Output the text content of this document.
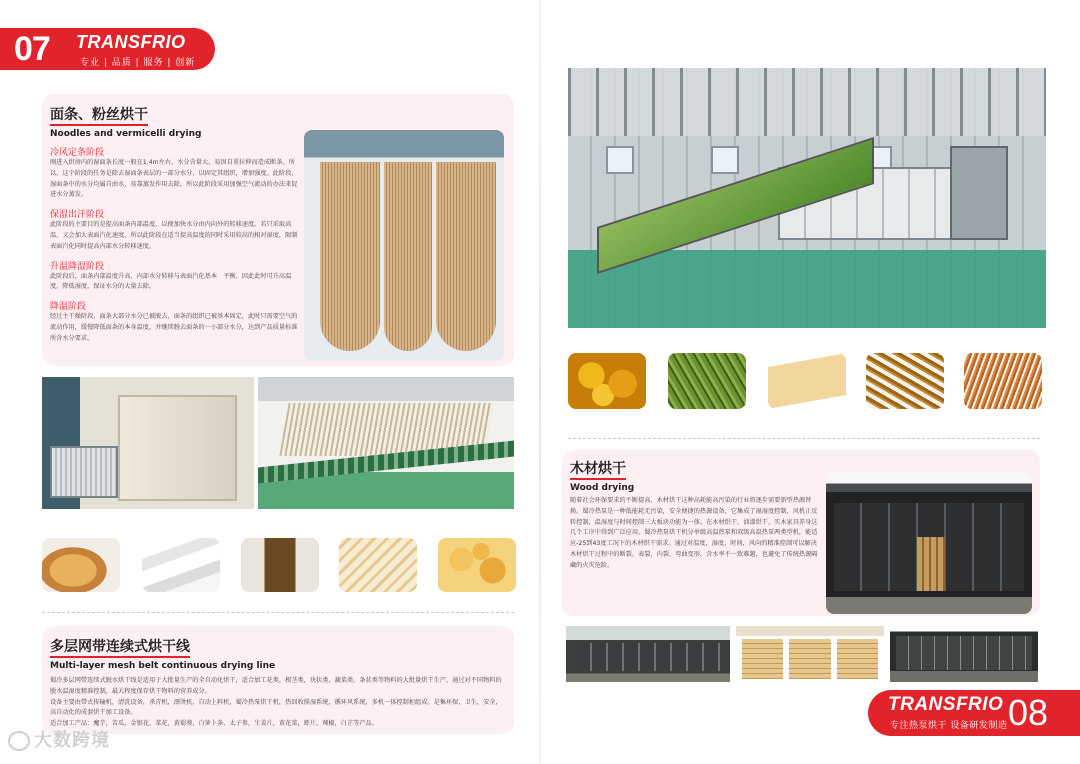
07 TRANSFRIO
专业 | 品质 | 服务 | 创新
面条、粉丝烘干
Noodles and vermicelli drying
冷风定条阶段
刚进入烘房内的湿面条长度一般在1.4m左右，水分含量大，易因自重拉伸而造成断条。所以，这个阶段的任务是除去湿面条表层的一部分水分，以固定其组织，增加强度。此阶段，湿面条中的水分均属自由水，易靠蒸发作用去除，所以此阶段采用加强空气流动的办法来促进水分蒸发。
保湿出汗阶段
此阶段的主要目的是提高面条内部温度，以便加快水分由内向外的转移速度。若只采取高温，又会加大表面汽化速度，所以此阶段在适当提高温度的同时采用较高的相对湿度，限制表面汽化同时提高内部水分转移速度。
升温降湿阶段
此阶段后，面条内部温度升高，内部水分转移与表面汽化基本　平衡，因此此时可升高温度，降低湿度，保证水分的大量去除。
降温阶段
经过主干燥阶段，面条大部分水分已被脱去，面条的组织已被基本固定，此时只需要空气的流动作用，缓慢降低面条的本身温度，并继续脱去面条的一小部分水分，达到产品质量标准所含水分要求。
多层网带连续式烘干线
Multi-layer mesh belt continuous drying line
蜀冷多层网带连续式脱水烘干线是适用于大批量生产的全自动化烘干，适合加工花类，根茎类，块状类，蔬菜类，条状类等物料的大批量烘干生产，通过对不同物料的脱水温湿度精准控制，最大程度保存烘干物料的营养成分。
设备主要由带式传输机，清洗设备，杀青机，漂烫机，自动上料机，蜀冷热泵烘干机，热回收排湿系统，循环风系统，多机一体控制柜组成。是集环保，卫生，安全，高自动化的成套烘干加工设备。
适合加工产品：魔芋，苦瓜，金银花，菜花，黄蜀葵，白萝卜条，太子参，生姜片，黄花菜，虾片，辣椒，白芷等产品。
木材烘干
Wood drying
随着社会环保要求的不断提高，木材烘干这种高耗能高污染的行业将逐步需要新型热源替换。蜀冷热泵是一种低能耗无污染，安全便捷的热源设备，它集成了湿湿度控制，风机正反转控制，温湿度与时间控制三大板块功能为一体。在木材烘干，油漆烘干，实木家具养身这几个工序中得到广泛应用，蜀冷热泵烘干机分单级高温热泵和双级高温热泵两类型机，能适应-25到43度工况下的木材烘干需求。通过对温度，湿度，时间，风向的精准控制可以解决木材烘干过程中的断裂，表裂，内裂，弯曲变形，含水率不一致难题，也避免了传统热源隔藏的火灾危险。
TRANSFRIO
专注热泵烘干 设备研发制造 08
大数跨境
